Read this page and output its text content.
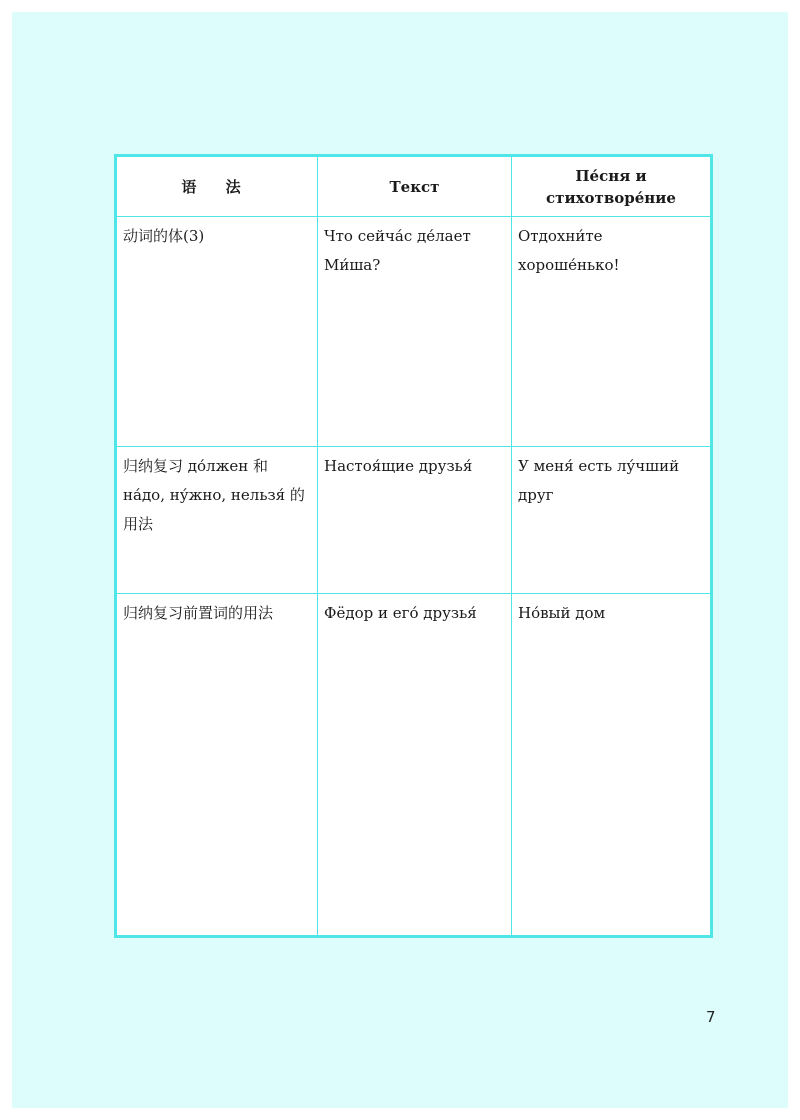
语 法	Текст	Пе́сня и стихотворе́ние

动词的体(3)	Что сейча́с де́лает Ми́ша?	Отдохни́те хороше́нько!

归纳复习 до́лжен 和 на́до, ну́жно, нельзя́ 的用法	Настоя́щие друзья́	У меня́ есть лу́чший друг

归纳复习前置词的用法	Фёдор и его́ друзья́	Но́вый дом
7
